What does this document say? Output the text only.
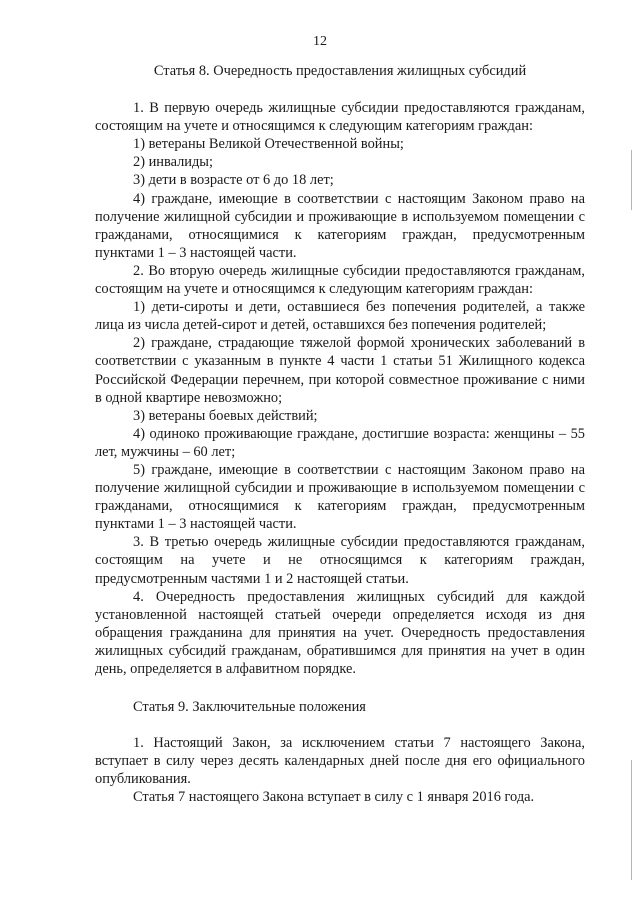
12
Статья 8. Очередность предоставления жилищных субсидий

1. В первую очередь жилищные субсидии предоставляются гражданам, состоящим на учете и относящимся к следующим категориям граждан:

1) ветераны Великой Отечественной войны;

2) инвалиды;

3) дети в возрасте от 6 до 18 лет;

4) граждане, имеющие в соответствии с настоящим Законом право на получение жилищной субсидии и проживающие в используемом помещении с гражданами, относящимися к категориям граждан, предусмотренным пунктами 1 – 3 настоящей части.

2. Во вторую очередь жилищные субсидии предоставляются гражданам, состоящим на учете и относящимся к следующим категориям граждан:

1) дети-сироты и дети, оставшиеся без попечения родителей, а также лица из числа детей-сирот и детей, оставшихся без попечения родителей;

2) граждане, страдающие тяжелой формой хронических заболеваний в соответствии с указанным в пункте 4 части 1 статьи 51 Жилищного кодекса Российской Федерации перечнем, при которой совместное проживание с ними в одной квартире невозможно;

3) ветераны боевых действий;

4) одиноко проживающие граждане, достигшие возраста: женщины – 55 лет, мужчины – 60 лет;

5) граждане, имеющие в соответствии с настоящим Законом право на получение жилищной субсидии и проживающие в используемом помещении с гражданами, относящимися к категориям граждан, предусмотренным пунктами 1 – 3 настоящей части.

3. В третью очередь жилищные субсидии предоставляются гражданам, состоящим на учете и не относящимся к категориям граждан, предусмотренным частями 1 и 2 настоящей статьи.

4. Очередность предоставления жилищных субсидий для каждой установленной настоящей статьей очереди определяется исходя из дня обращения гражданина для принятия на учет. Очередность предоставления жилищных субсидий гражданам, обратившимся для принятия на учет в один день, определяется в алфавитном порядке.

Статья 9. Заключительные положения

1. Настоящий Закон, за исключением статьи 7 настоящего Закона, вступает в силу через десять календарных дней после дня его официального опубликования.

Статья 7 настоящего Закона вступает в силу с 1 января 2016 года.
